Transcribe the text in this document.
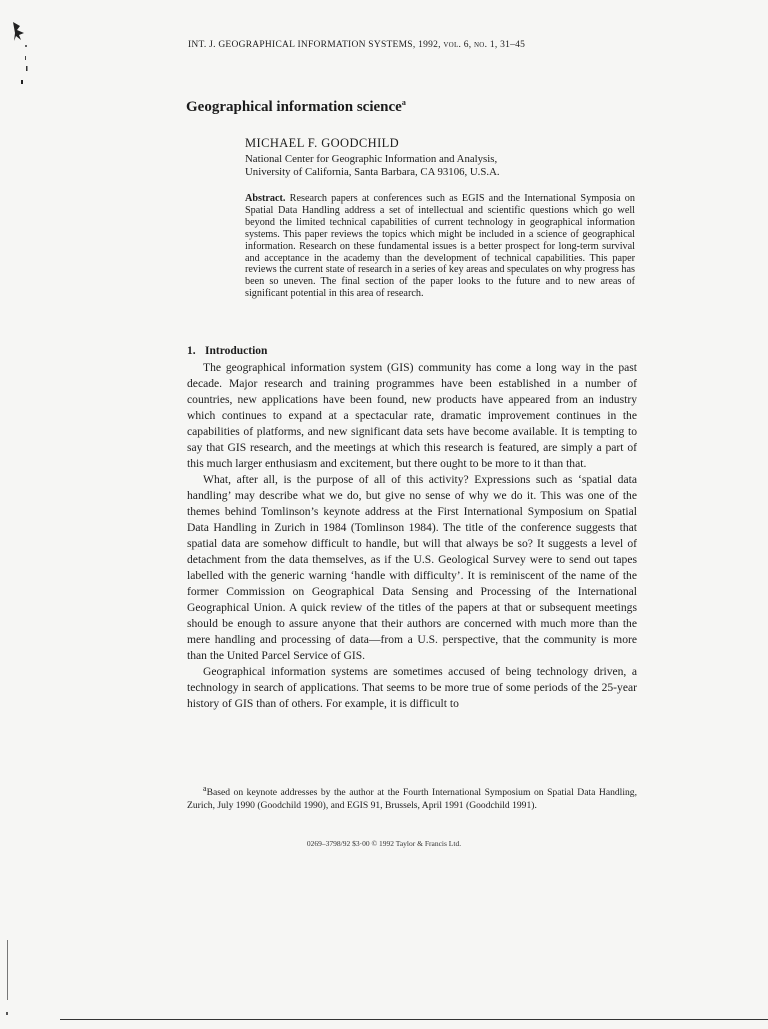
INT. J. GEOGRAPHICAL INFORMATION SYSTEMS, 1992, vol. 6, no. 1, 31–45
Geographical information science$^a$
MICHAEL F. GOODCHILD
National Center for Geographic Information and Analysis,
University of California, Santa Barbara, CA 93106, U.S.A.
Abstract. Research papers at conferences such as EGIS and the International Symposia on Spatial Data Handling address a set of intellectual and scientific questions which go well beyond the limited technical capabilities of current technology in geographical information systems. This paper reviews the topics which might be included in a science of geographical information. Research on these fundamental issues is a better prospect for long-term survival and acceptance in the academy than the development of technical capabilities. This paper reviews the current state of research in a series of key areas and speculates on why progress has been so uneven. The final section of the paper looks to the future and to new areas of significant potential in this area of research.
1. Introduction

The geographical information system (GIS) community has come a long way in the past decade. Major research and training programmes have been established in a number of countries, new applications have been found, new products have appeared from an industry which continues to expand at a spectacular rate, dramatic improvement continues in the capabilities of platforms, and new significant data sets have become available. It is tempting to say that GIS research, and the meetings at which this research is featured, are simply a part of this much larger enthusiasm and excitement, but there ought to be more to it than that.

What, after all, is the purpose of all of this activity? Expressions such as ‘spatial data handling’ may describe what we do, but give no sense of why we do it. This was one of the themes behind Tomlinson’s keynote address at the First International Symposium on Spatial Data Handling in Zurich in 1984 (Tomlinson 1984). The title of the conference suggests that spatial data are somehow difficult to handle, but will that always be so? It suggests a level of detachment from the data themselves, as if the U.S. Geological Survey were to send out tapes labelled with the generic warning ‘handle with difficulty’. It is reminiscent of the name of the former Commission on Geographical Data Sensing and Processing of the International Geographical Union. A quick review of the titles of the papers at that or subsequent meetings should be enough to assure anyone that their authors are concerned with much more than the mere handling and processing of data—from a U.S. perspective, that the community is more than the United Parcel Service of GIS.

Geographical information systems are sometimes accused of being technology driven, a technology in search of applications. That seems to be more true of some periods of the 25-year history of GIS than of others. For example, it is difficult to

$^a$Based on keynote addresses by the author at the Fourth International Symposium on Spatial Data Handling, Zurich, July 1990 (Goodchild 1990), and EGIS 91, Brussels, April 1991 (Goodchild 1991).
0269–3798/92 $3·00 © 1992 Taylor & Francis Ltd.
